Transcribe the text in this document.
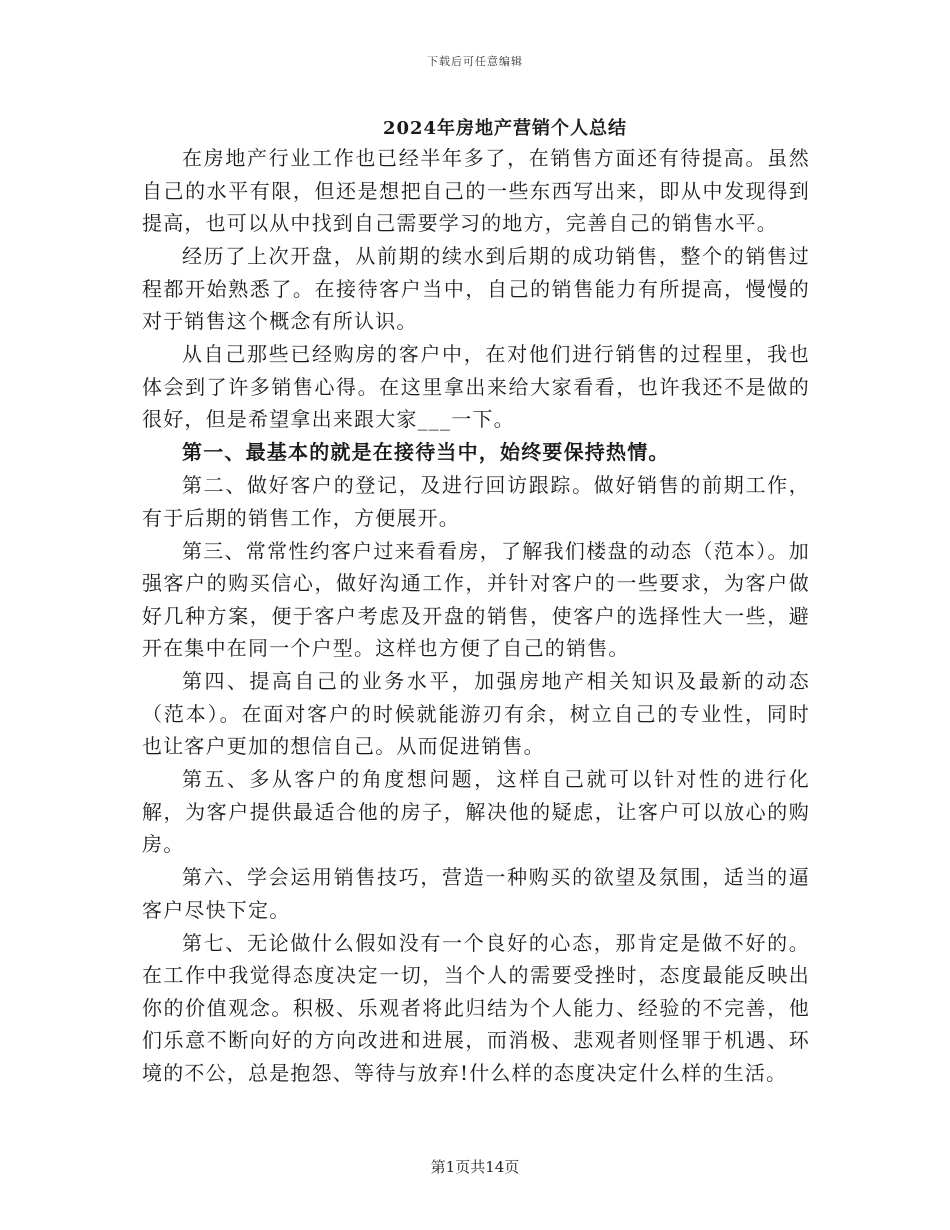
下载后可任意编辑
2024年房地产营销个人总结

在房地产行业工作也已经半年多了，在销售方面还有待提高。虽然自己的水平有限，但还是想把自己的一些东西写出来，即从中发现得到提高，也可以从中找到自己需要学习的地方，完善自己的销售水平。

经历了上次开盘，从前期的续水到后期的成功销售，整个的销售过程都开始熟悉了。在接待客户当中，自己的销售能力有所提高，慢慢的对于销售这个概念有所认识。

从自己那些已经购房的客户中，在对他们进行销售的过程里，我也体会到了许多销售心得。在这里拿出来给大家看看，也许我还不是做的很好，但是希望拿出来跟大家___一下。

第一、最基本的就是在接待当中，始终要保持热情。

第二、做好客户的登记，及进行回访跟踪。做好销售的前期工作，有于后期的销售工作，方便展开。

第三、常常性约客户过来看看房，了解我们楼盘的动态（范本）。加强客户的购买信心，做好沟通工作，并针对客户的一些要求，为客户做好几种方案，便于客户考虑及开盘的销售，使客户的选择性大一些，避开在集中在同一个户型。这样也方便了自己的销售。

第四、提高自己的业务水平，加强房地产相关知识及最新的动态（范本）。在面对客户的时候就能游刃有余，树立自己的专业性，同时也让客户更加的想信自己。从而促进销售。

第五、多从客户的角度想问题，这样自己就可以针对性的进行化解，为客户提供最适合他的房子，解决他的疑虑，让客户可以放心的购房。

第六、学会运用销售技巧，营造一种购买的欲望及氛围，适当的逼客户尽快下定。

第七、无论做什么假如没有一个良好的心态，那肯定是做不好的。在工作中我觉得态度决定一切，当个人的需要受挫时，态度最能反映出你的价值观念。积极、乐观者将此归结为个人能力、经验的不完善，他们乐意不断向好的方向改进和进展，而消极、悲观者则怪罪于机遇、环境的不公，总是抱怨、等待与放弃!什么样的态度决定什么样的生活。

第1页共14页
